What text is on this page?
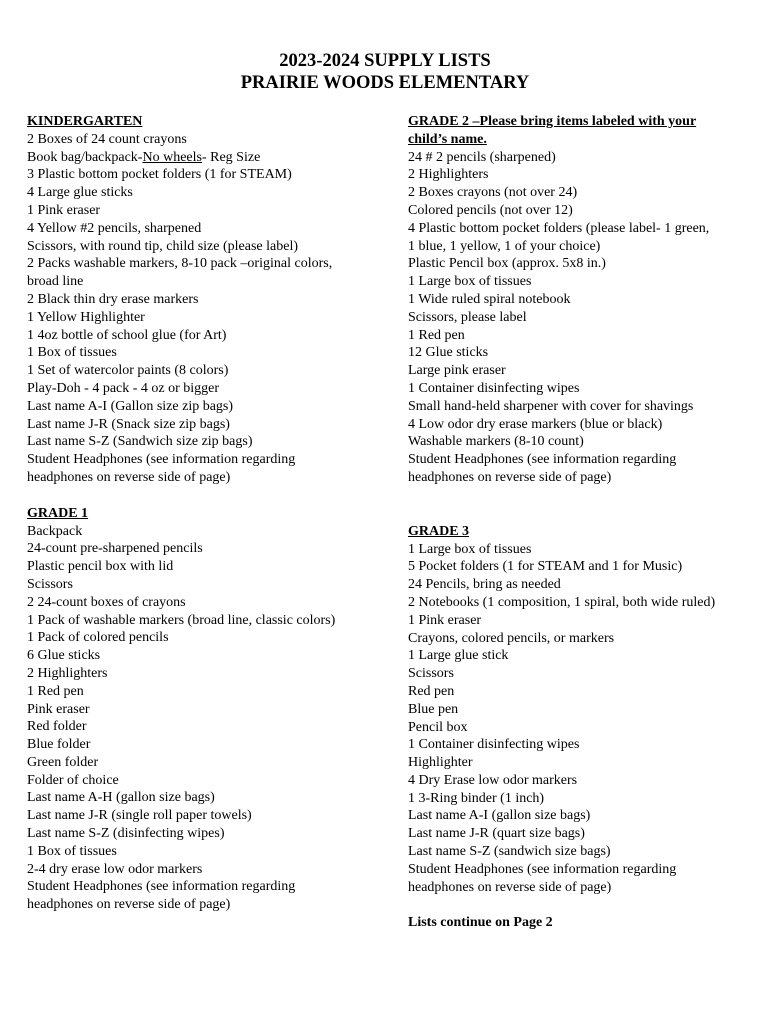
2023-2024 SUPPLY LISTS
PRAIRIE WOODS ELEMENTARY
KINDERGARTEN
2 Boxes of 24 count crayons
Book bag/backpack-No wheels- Reg Size
3 Plastic bottom pocket folders (1 for STEAM)
4 Large glue sticks
1 Pink eraser
4 Yellow #2 pencils, sharpened
Scissors, with round tip, child size (please label)
2 Packs washable markers, 8-10 pack –original colors,
broad line
2 Black thin dry erase markers
1 Yellow Highlighter
1 4oz bottle of school glue (for Art)
1 Box of tissues
1 Set of watercolor paints (8 colors)
Play-Doh - 4 pack - 4 oz or bigger
Last name A-I (Gallon size zip bags)
Last name J-R (Snack size zip bags)
Last name S-Z (Sandwich size zip bags)
Student Headphones (see information regarding
headphones on reverse side of page)
GRADE 1
Backpack
24-count pre-sharpened pencils
Plastic pencil box with lid
Scissors
2 24-count boxes of crayons
1 Pack of washable markers (broad line, classic colors)
1 Pack of colored pencils
6 Glue sticks
2 Highlighters
1 Red pen
Pink eraser
Red folder
Blue folder
Green folder
Folder of choice
Last name A-H (gallon size bags)
Last name J-R (single roll paper towels)
Last name S-Z (disinfecting wipes)
1 Box of tissues
2-4 dry erase low odor markers
Student Headphones (see information regarding
headphones on reverse side of page)
GRADE 2 –Please bring items labeled with your
child’s name.
24 # 2 pencils (sharpened)
2 Highlighters
2 Boxes crayons (not over 24)
Colored pencils (not over 12)
4 Plastic bottom pocket folders (please label- 1 green,
1 blue, 1 yellow, 1 of your choice)
Plastic Pencil box (approx. 5x8 in.)
1 Large box of tissues
1 Wide ruled spiral notebook
Scissors, please label
1 Red pen
12 Glue sticks
Large pink eraser
1 Container disinfecting wipes
Small hand-held sharpener with cover for shavings
4 Low odor dry erase markers (blue or black)
Washable markers (8-10 count)
Student Headphones (see information regarding
headphones on reverse side of page)
GRADE 3
1 Large box of tissues
5 Pocket folders (1 for STEAM and 1 for Music)
24 Pencils, bring as needed
2 Notebooks (1 composition, 1 spiral, both wide ruled)
1 Pink eraser
Crayons, colored pencils, or markers
1 Large glue stick
Scissors
Red pen
Blue pen
Pencil box
1 Container disinfecting wipes
Highlighter
4 Dry Erase low odor markers
1 3-Ring binder (1 inch)
Last name A-I (gallon size bags)
Last name J-R (quart size bags)
Last name S-Z (sandwich size bags)
Student Headphones (see information regarding
headphones on reverse side of page)
Lists continue on Page 2
